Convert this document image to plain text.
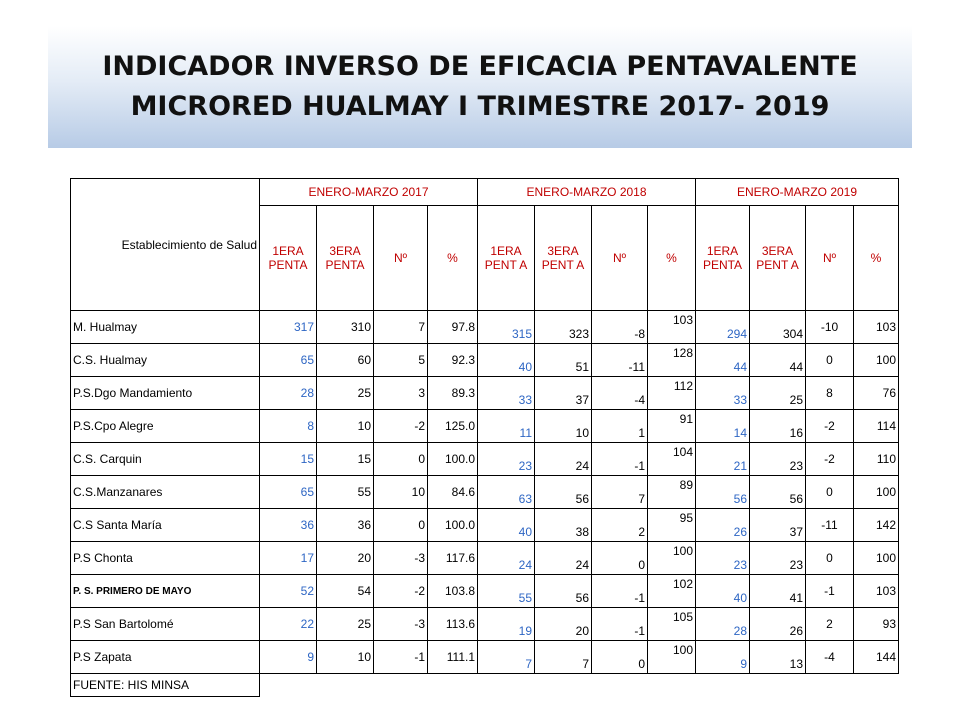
INDICADOR INVERSO DE EFICACIA PENTAVALENTE
MICRORED HUALMAY I TRIMESTRE 2017- 2019
Establecimiento de Salud	ENERO-MARZO 2017				ENERO-MARZO 2018				ENERO-MARZO 2019			
	1ERA PENTA	3ERA PENTA	Nº	%	1ERA PENT A	3ERA PENT A	Nº	%	1ERA PENTA	3ERA PENT A	Nº	%
M. Hualmay	317	310	7	97.8	315	323	-8	103	294	304	-10	103
C.S. Hualmay	65	60	5	92.3	40	51	-11	128	44	44	0	100
P.S.Dgo Mandamiento	28	25	3	89.3	33	37	-4	112	33	25	8	76
P.S.Cpo Alegre	8	10	-2	125.0	11	10	1	91	14	16	-2	114
C.S. Carquin	15	15	0	100.0	23	24	-1	104	21	23	-2	110
C.S.Manzanares	65	55	10	84.6	63	56	7	89	56	56	0	100
C.S Santa María	36	36	0	100.0	40	38	2	95	26	37	-11	142
P.S Chonta	17	20	-3	117.6	24	24	0	100	23	23	0	100
P. S. PRIMERO DE MAYO	52	54	-2	103.8	55	56	-1	102	40	41	-1	103
P.S San Bartolomé	22	25	-3	113.6	19	20	-1	105	28	26	2	93
P.S Zapata	9	10	-1	111.1	7	7	0	100	9	13	-4	144
FUENTE: HIS MINSA												
